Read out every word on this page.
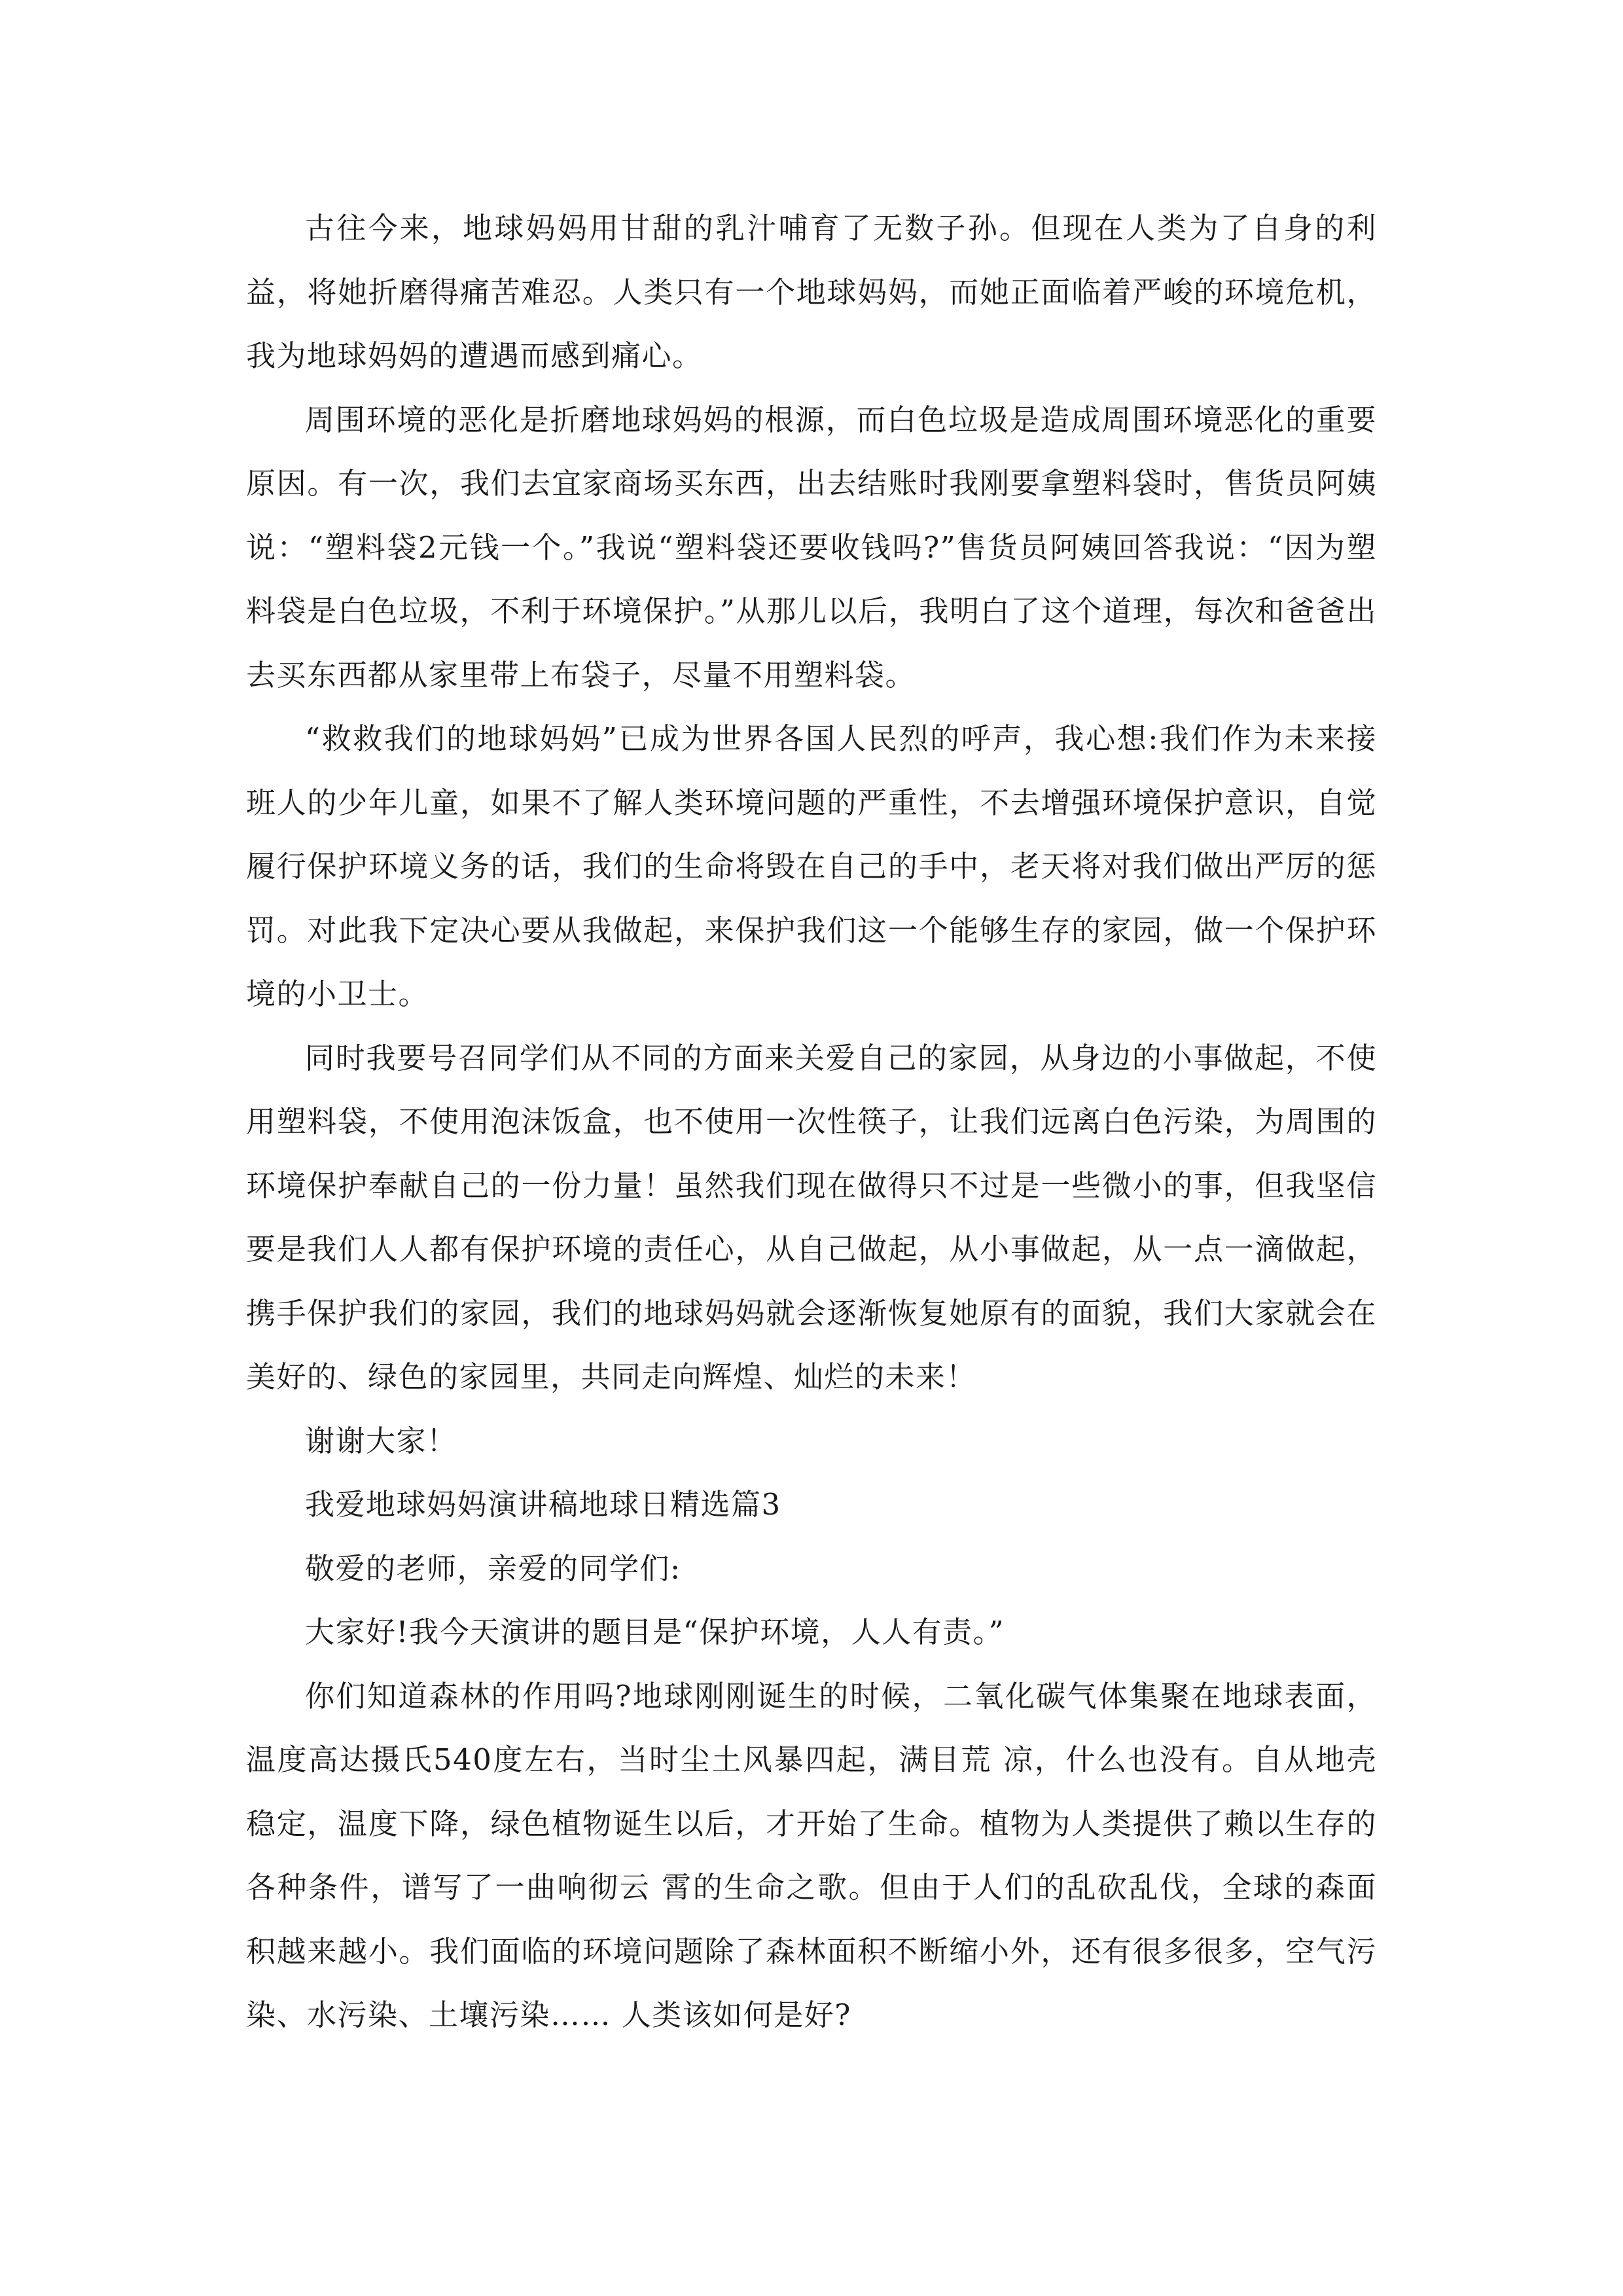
古往今来，地球妈妈用甘甜的乳汁哺育了无数子孙。但现在人类为了自身的利益，将她折磨得痛苦难忍。人类只有一个地球妈妈，而她正面临着严峻的环境危机，我为地球妈妈的遭遇而感到痛心。

周围环境的恶化是折磨地球妈妈的根源，而白色垃圾是造成周围环境恶化的重要原因。有一次，我们去宜家商场买东西，出去结账时我刚要拿塑料袋时，售货员阿姨说：“塑料袋2元钱一个。”我说“塑料袋还要收钱吗?”售货员阿姨回答我说：“因为塑料袋是白色垃圾，不利于环境保护。”从那儿以后，我明白了这个道理，每次和爸爸出去买东西都从家里带上布袋子，尽量不用塑料袋。

“救救我们的地球妈妈”已成为世界各国人民烈的呼声，我心想:我们作为未来接班人的少年儿童，如果不了解人类环境问题的严重性，不去增强环境保护意识，自觉履行保护环境义务的话，我们的生命将毁在自己的手中，老天将对我们做出严厉的惩罚。对此我下定决心要从我做起，来保护我们这一个能够生存的家园，做一个保护环境的小卫士。

同时我要号召同学们从不同的方面来关爱自己的家园，从身边的小事做起，不使用塑料袋，不使用泡沫饭盒，也不使用一次性筷子，让我们远离白色污染，为周围的环境保护奉献自己的一份力量！虽然我们现在做得只不过是一些微小的事，但我坚信要是我们人人都有保护环境的责任心，从自己做起，从小事做起，从一点一滴做起，携手保护我们的家园，我们的地球妈妈就会逐渐恢复她原有的面貌，我们大家就会在美好的、绿色的家园里，共同走向辉煌、灿烂的未来！

谢谢大家！

我爱地球妈妈演讲稿地球日精选篇3

敬爱的老师，亲爱的同学们:

大家好!我今天演讲的题目是“保护环境，人人有责。”

你们知道森林的作用吗?地球刚刚诞生的时候，二氧化碳气体集聚在地球表面，温度高达摄氏540度左右，当时尘土风暴四起，满目荒 凉，什么也没有。自从地壳稳定，温度下降，绿色植物诞生以后，才开始了生命。植物为人类提供了赖以生存的各种条件，谱写了一曲响彻云 霄的生命之歌。但由于人们的乱砍乱伐，全球的森面积越来越小。我们面临的环境问题除了森林面积不断缩小外，还有很多很多，空气污染、水污染、土壤污染…… 人类该如何是好?
